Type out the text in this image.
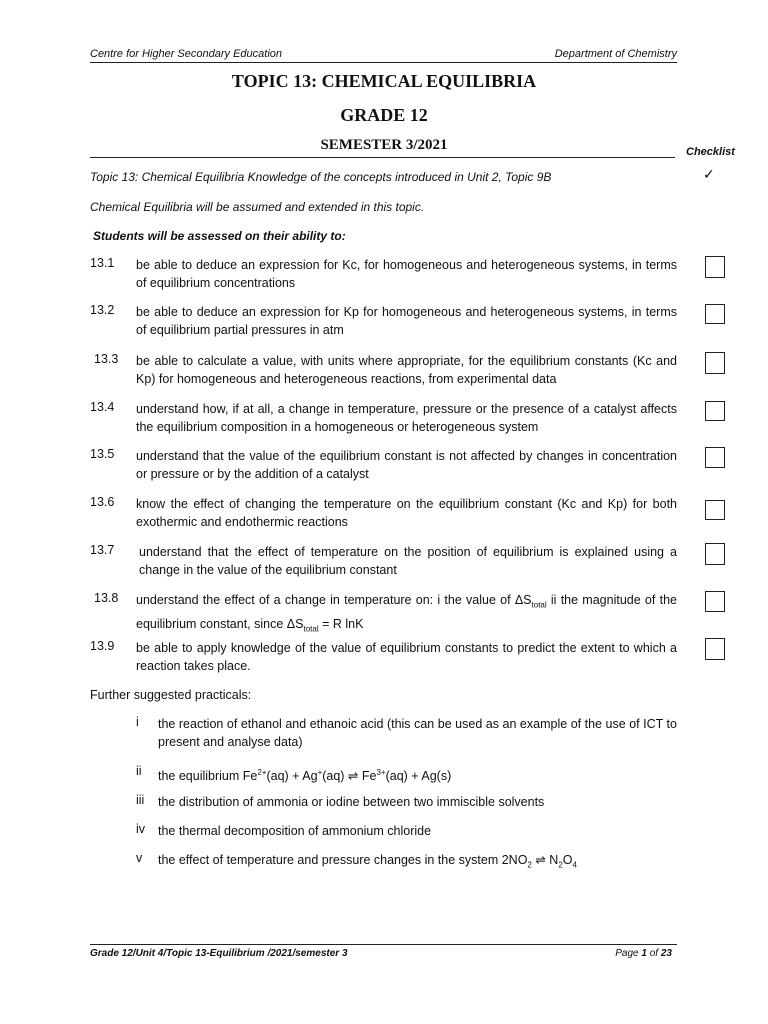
Centre for Higher Secondary Education	Department of Chemistry
TOPIC 13: CHEMICAL EQUILIBRIA
GRADE 12
SEMESTER 3/2021	Checklist
Topic 13: Chemical Equilibria Knowledge of the concepts introduced in Unit 2, Topic 9B	✓
Chemical Equilibria will be assumed and extended in this topic.
Students will be assessed on their ability to:
13.1	be able to deduce an expression for Kc, for homogeneous and heterogeneous systems, in terms of equilibrium concentrations
13.2	be able to deduce an expression for Kp for homogeneous and heterogeneous systems, in terms of equilibrium partial pressures in atm
13.3	be able to calculate a value, with units where appropriate, for the equilibrium constants (Kc and Kp) for homogeneous and heterogeneous reactions, from experimental data
13.4	understand how, if at all, a change in temperature, pressure or the presence of a catalyst affects the equilibrium composition in a homogeneous or heterogeneous system
13.5	understand that the value of the equilibrium constant is not affected by changes in concentration or pressure or by the addition of a catalyst
13.6	know the effect of changing the temperature on the equilibrium constant (Kc and Kp) for both exothermic and endothermic reactions
13.7	understand that the effect of temperature on the position of equilibrium is explained using a change in the value of the equilibrium constant
13.8	understand the effect of a change in temperature on: i the value of $\Delta S_{total}$ ii the magnitude of the equilibrium constant, since $\Delta S_{total} = R$ lnK
13.9	be able to apply knowledge of the value of equilibrium constants to predict the extent to which a reaction takes place.
Further suggested practicals:
i	the reaction of ethanol and ethanoic acid (this can be used as an example of the use of ICT to present and analyse data)
ii	the equilibrium $Fe^{2+}(aq) + Ag^+(aq)$ ⇌ $Fe^{3+}(aq) + Ag(s)$
iii	the distribution of ammonia or iodine between two immiscible solvents
iv	the thermal decomposition of ammonium chloride
v	the effect of temperature and pressure changes in the system $2NO_2$ ⇌ $N_2O_4$
Grade 12/Unit 4/Topic 13-Equilibrium /2021/semester 3	Page 1 of 23
